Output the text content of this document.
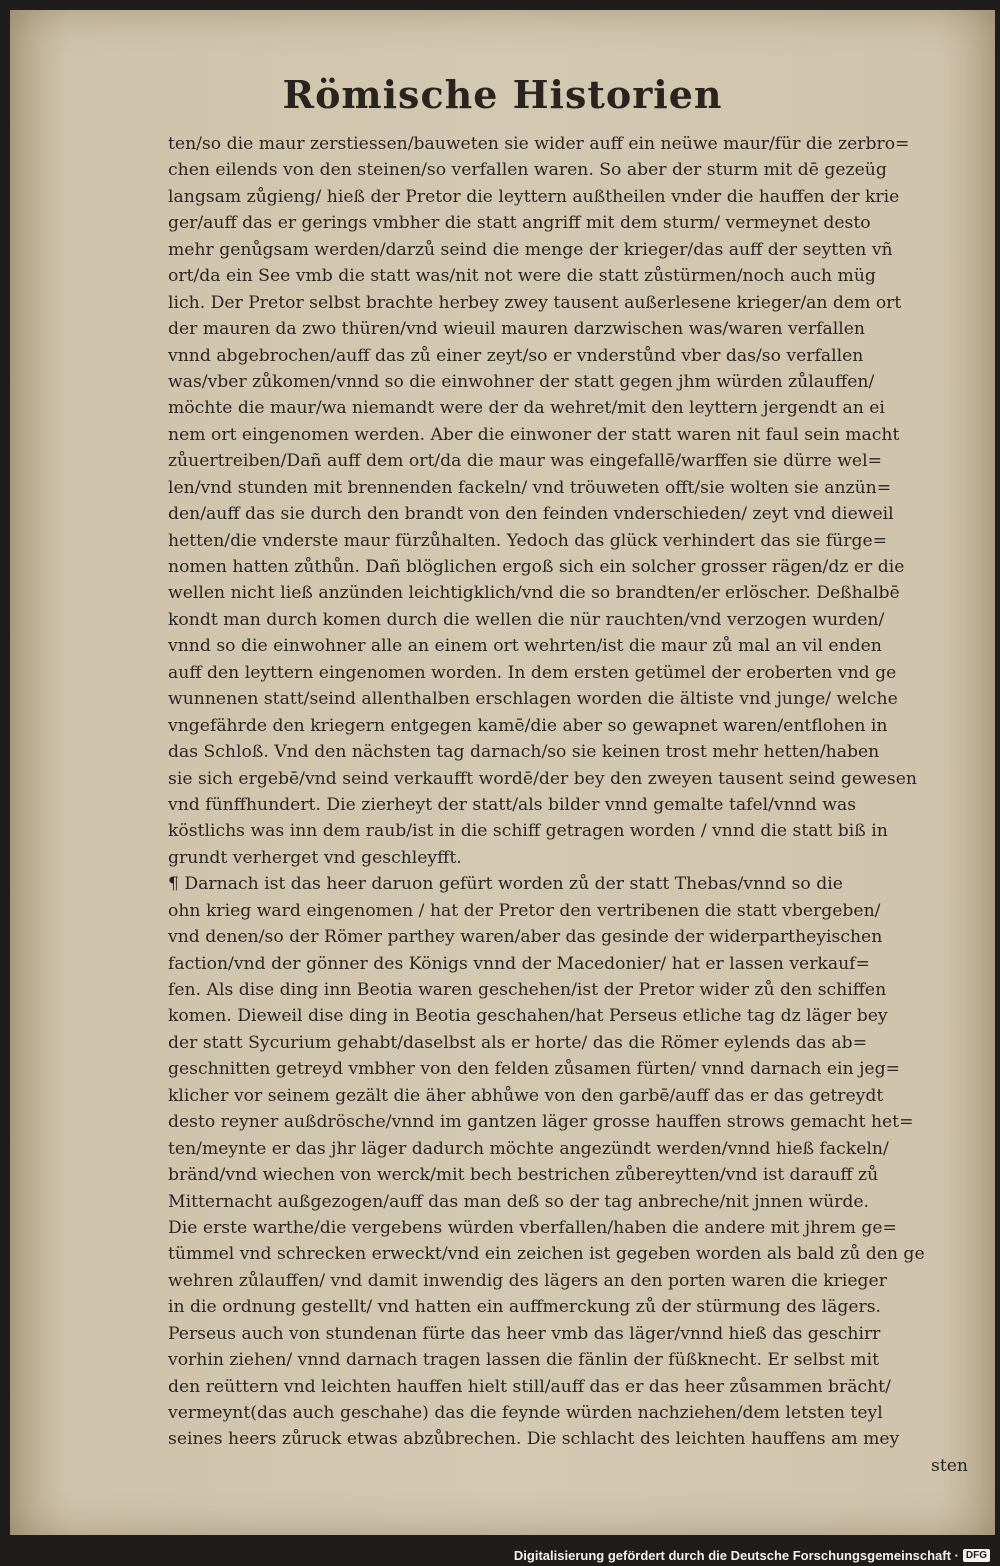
Römische Historien
ten/so die maur zerstiessen/bauweten sie wider auff ein neüwe maur/für die zerbro=
chen eilends von den steinen/so verfallen waren. So aber der sturm mit dē gezeüg
langsam zůgieng/ hieß der Pretor die leyttern außtheilen vnder die hauffen der krie
ger/auff das er gerings vmbher die statt angriff mit dem sturm/ vermeynet desto
mehr genůgsam werden/darzů seind die menge der krieger/das auff der seytten vñ
ort/da ein See vmb die statt was/nit not were die statt zůstürmen/noch auch müg
lich. Der Pretor selbst brachte herbey zwey tausent außerlesene krieger/an dem ort
der mauren da zwo thüren/vnd wieuil mauren darzwischen was/waren verfallen
vnnd abgebrochen/auff das zů einer zeyt/so er vnderstůnd vber das/so verfallen
was/vber zůkomen/vnnd so die einwohner der statt gegen jhm würden zůlauffen/
möchte die maur/wa niemandt were der da wehret/mit den leyttern jergendt an ei
nem ort eingenomen werden. Aber die einwoner der statt waren nit faul sein macht
zůuertreiben/Dañ auff dem ort/da die maur was eingefallē/warffen sie dürre wel=
len/vnd stunden mit brennenden fackeln/ vnd tröuweten offt/sie wolten sie anzün=
den/auff das sie durch den brandt von den feinden vnderschieden/ zeyt vnd dieweil
hetten/die vnderste maur fürzůhalten. Yedoch das glück verhindert das sie fürge=
nomen hatten zůthůn. Dañ blöglichen ergoß sich ein solcher grosser rägen/dz er die
wellen nicht ließ anzünden leichtigklich/vnd die so brandten/er erlöscher. Deßhalbē
kondt man durch komen durch die wellen die nür rauchten/vnd verzogen wurden/
vnnd so die einwohner alle an einem ort wehrten/ist die maur zů mal an vil enden
auff den leyttern eingenomen worden. In dem ersten getümel der eroberten vnd ge
wunnenen statt/seind allenthalben erschlagen worden die ältiste vnd junge/ welche
vngefährde den kriegern entgegen kamē/die aber so gewapnet waren/entflohen in
das Schloß. Vnd den nächsten tag darnach/so sie keinen trost mehr hetten/haben
sie sich ergebē/vnd seind verkaufft wordē/der bey den zweyen tausent seind gewesen
vnd fünffhundert. Die zierheyt der statt/als bilder vnnd gemalte tafel/vnnd was
köstlichs was inn dem raub/ist in die schiff getragen worden / vnnd die statt biß in
grundt verherget vnd geschleyfft.
¶ Darnach ist das heer daruon gefürt worden zů der statt Thebas/vnnd so die
ohn krieg ward eingenomen / hat der Pretor den vertribenen die statt vbergeben/
vnd denen/so der Römer parthey waren/aber das gesinde der widerpartheyischen
faction/vnd der gönner des Königs vnnd der Macedonier/ hat er lassen verkauf=
fen. Als dise ding inn Beotia waren geschehen/ist der Pretor wider zů den schiffen
komen. Dieweil dise ding in Beotia geschahen/hat Perseus etliche tag dz läger bey
der statt Sycurium gehabt/daselbst als er horte/ das die Römer eylends das ab=
geschnitten getreyd vmbher von den felden zůsamen fürten/ vnnd darnach ein jeg=
klicher vor seinem gezält die äher abhůwe von den garbē/auff das er das getreydt
desto reyner außdrösche/vnnd im gantzen läger grosse hauffen strows gemacht het=
ten/meynte er das jhr läger dadurch möchte angezündt werden/vnnd hieß fackeln/
bränd/vnd wiechen von werck/mit bech bestrichen zůbereytten/vnd ist darauff zů
Mitternacht außgezogen/auff das man deß so der tag anbreche/nit jnnen würde.
Die erste warthe/die vergebens würden vberfallen/haben die andere mit jhrem ge=
tümmel vnd schrecken erweckt/vnd ein zeichen ist gegeben worden als bald zů den ge
wehren zůlauffen/ vnd damit inwendig des lägers an den porten waren die krieger
in die ordnung gestellt/ vnd hatten ein auffmerckung zů der stürmung des lägers.
Perseus auch von stundenan fürte das heer vmb das läger/vnnd hieß das geschirr
vorhin ziehen/ vnnd darnach tragen lassen die fänlin der füßknecht. Er selbst mit
den reüttern vnd leichten hauffen hielt still/auff das er das heer zůsammen brächt/
vermeynt(das auch geschahe) das die feynde würden nachziehen/dem letsten teyl
seines heers zůruck etwas abzůbrechen. Die schlacht des leichten hauffens am mey
sten
Digitalisierung gefördert durch die Deutsche Forschungsgemeinschaft · DFG
